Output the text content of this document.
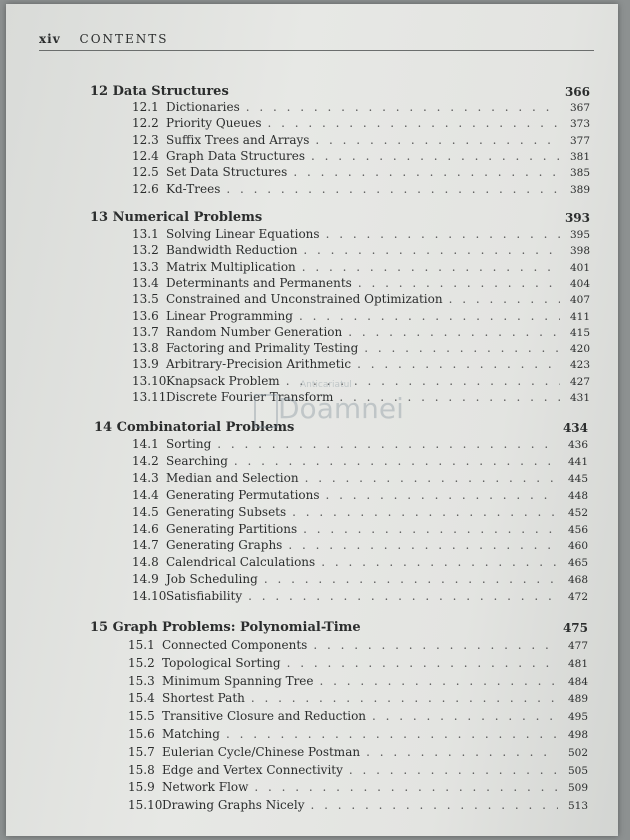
xiv CONTENTS
12 Data Structures	366
12.1 Dictionaries . . .	367
12.2 Priority Queues . . .	373
12.3 Suffix Trees and Arrays . . .	377
12.4 Graph Data Structures . . .	381
12.5 Set Data Structures . . .	385
12.6 Kd-Trees . . .	389
13 Numerical Problems	393
13.1 Solving Linear Equations . . .	395
13.2 Bandwidth Reduction . . .	398
13.3 Matrix Multiplication . . .	401
13.4 Determinants and Permanents . . .	404
13.5 Constrained and Unconstrained Optimization . . .	407
13.6 Linear Programming . . .	411
13.7 Random Number Generation . . .	415
13.8 Factoring and Primality Testing . . .	420
13.9 Arbitrary-Precision Arithmetic . . .	423
13.10 Knapsack Problem . . .	427
13.11 Discrete Fourier Transform . . .	431
14 Combinatorial Problems	434
14.1 Sorting . . .	436
14.2 Searching . . .	441
14.3 Median and Selection . . .	445
14.4 Generating Permutations . . .	448
14.5 Generating Subsets . . .	452
14.6 Generating Partitions . . .	456
14.7 Generating Graphs . . .	460
14.8 Calendrical Calculations . . .	465
14.9 Job Scheduling . . .	468
14.10 Satisfiability . . .	472
15 Graph Problems: Polynomial-Time	475
15.1 Connected Components . . .	477
15.2 Topological Sorting . . .	481
15.3 Minimum Spanning Tree . . .	484
15.4 Shortest Path . . .	489
15.5 Transitive Closure and Reduction . . .	495
15.6 Matching . . .	498
15.7 Eulerian Cycle/Chinese Postman . . .	502
15.8 Edge and Vertex Connectivity . . .	505
15.9 Network Flow . . .	509
15.10 Drawing Graphs Nicely . . .	513
Anticariatul
Doamnei
